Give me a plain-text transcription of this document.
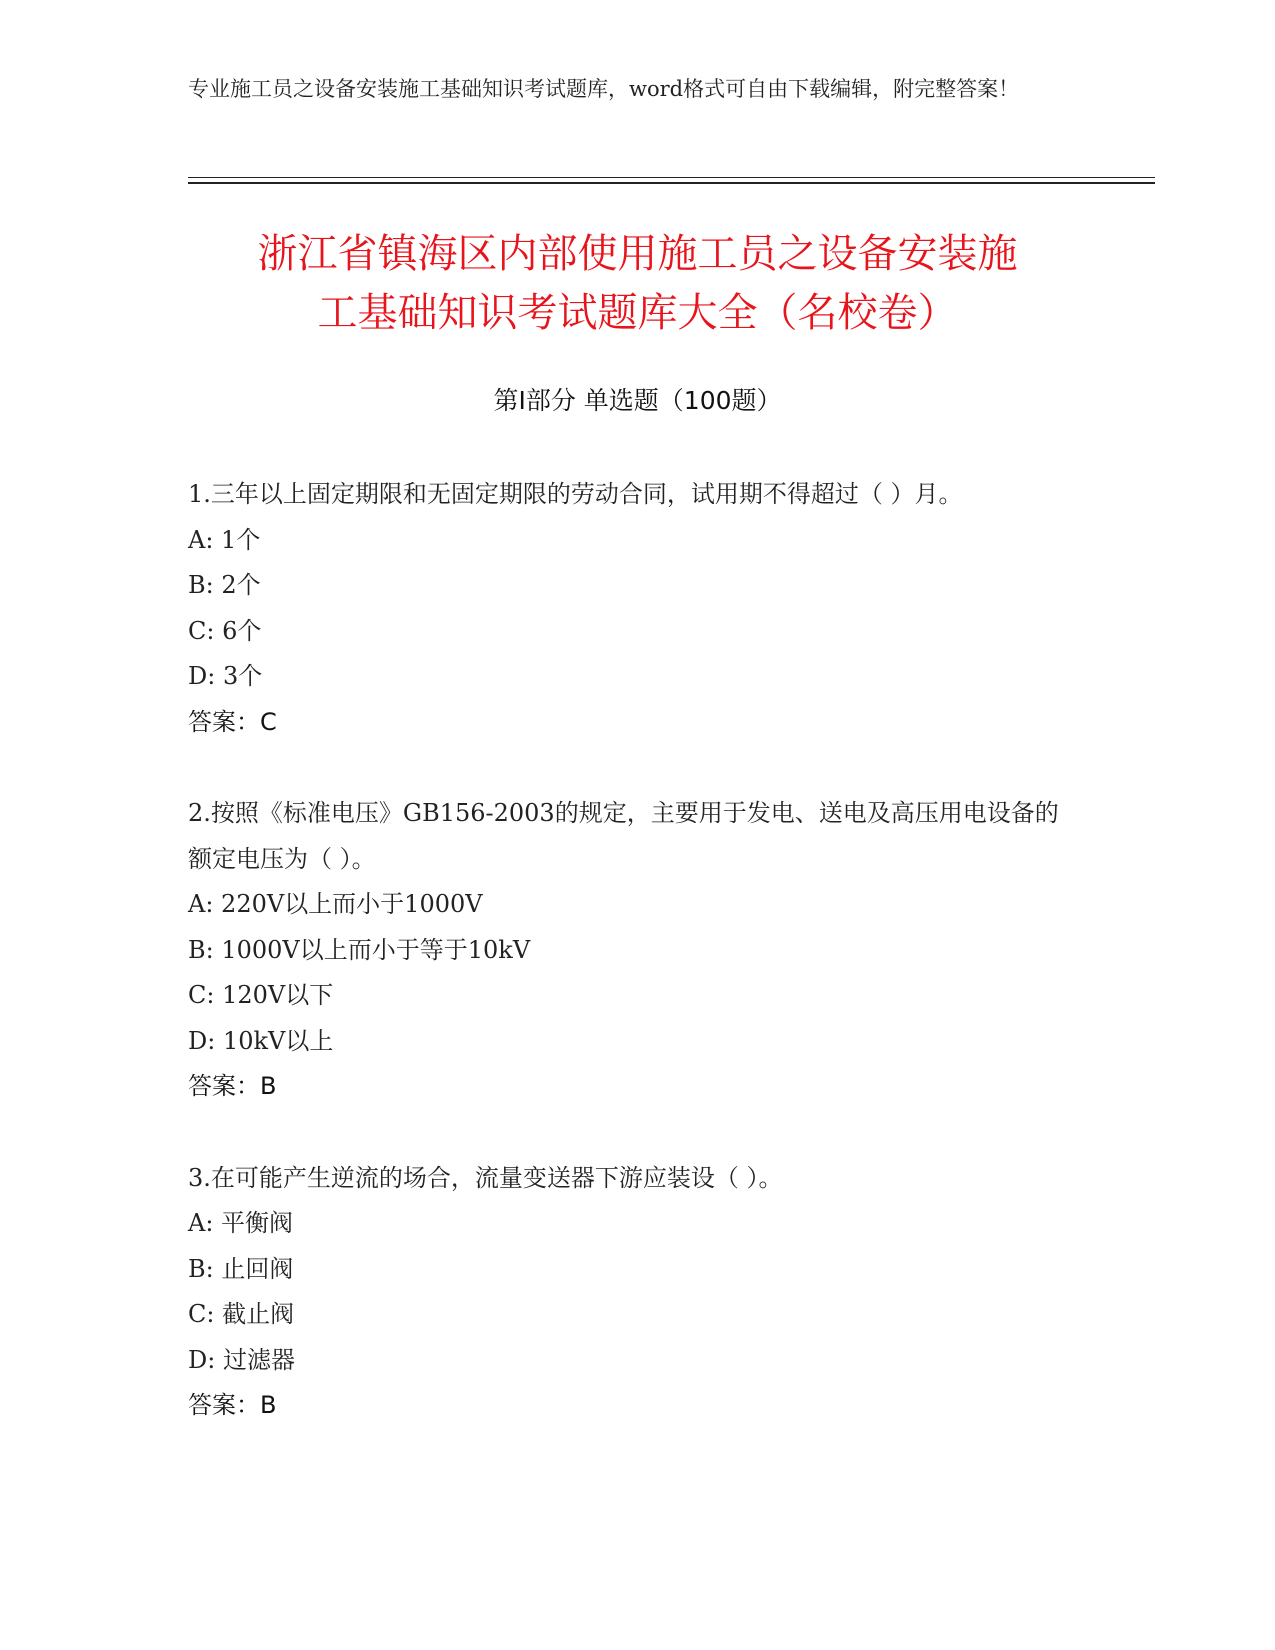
专业施工员之设备安装施工基础知识考试题库，word格式可自由下载编辑，附完整答案！
浙江省镇海区内部使用施工员之设备安装施
工基础知识考试题库大全（名校卷）
第Ⅰ部分 单选题（100题）
1.三年以上固定期限和无固定期限的劳动合同，试用期不得超过（ ）月。
A: 1个
B: 2个
C: 6个
D: 3个
答案：C
2.按照《标准电压》GB156-2003的规定，主要用于发电、送电及高压用电设备的额定电压为（ ）。
A: 220V以上而小于1000V
B: 1000V以上而小于等于10kV
C: 120V以下
D: 10kV以上
答案：B
3.在可能产生逆流的场合，流量变送器下游应装设（ ）。
A: 平衡阀
B: 止回阀
C: 截止阀
D: 过滤器
答案：B
